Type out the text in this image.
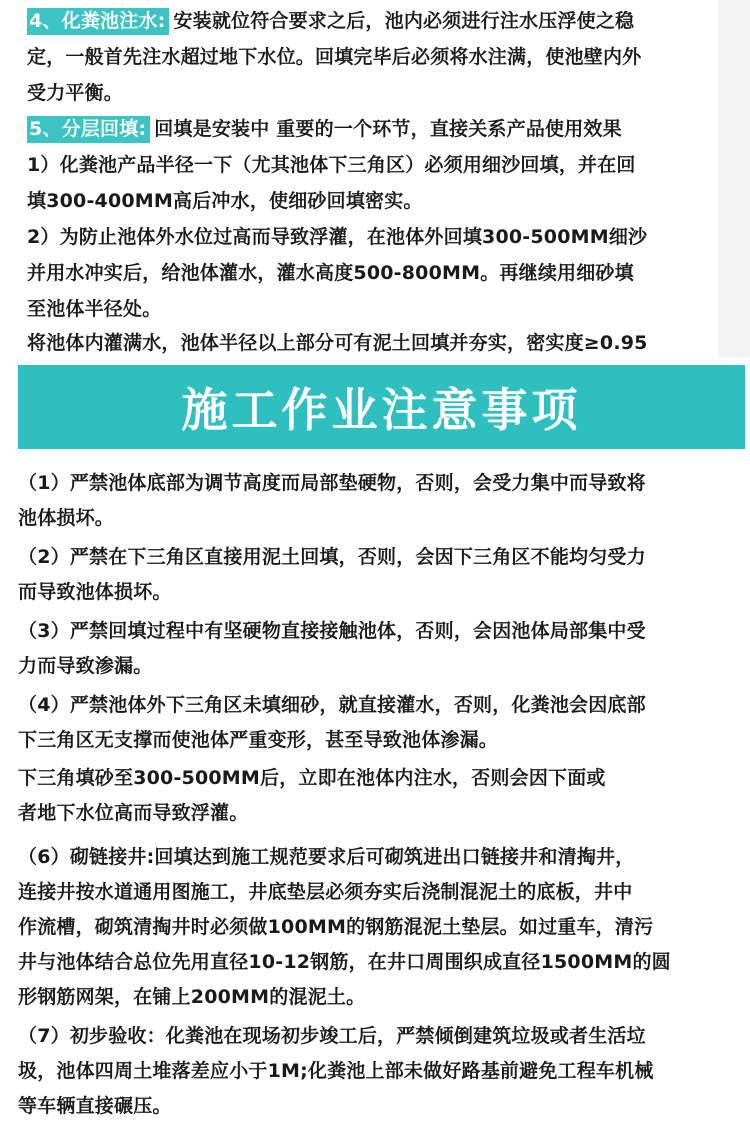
4、化粪池注水: 安装就位符合要求之后，池内必须进行注水压浮使之稳
定，一般首先注水超过地下水位。回填完毕后必须将水注满，使池壁内外
受力平衡。
5、分层回填: 回填是安装中 重要的一个环节，直接关系产品使用效果
1）化粪池产品半径一下（尤其池体下三角区）必须用细沙回填，并在回
填300-400MM高后冲水，使细砂回填密实。
2）为防止池体外水位过高而导致浮灌，在池体外回填300-500MM细沙
并用水冲实后，给池体灌水，灌水高度500-800MM。再继续用细砂填
至池体半径处。
将池体内灌满水，池体半径以上部分可有泥土回填并夯实，密实度≥0.95
施工作业注意事项
（1）严禁池体底部为调节高度而局部垫硬物，否则，会受力集中而导致将
池体损坏。
（2）严禁在下三角区直接用泥土回填，否则，会因下三角区不能均匀受力
而导致池体损坏。
（3）严禁回填过程中有坚硬物直接接触池体，否则，会因池体局部集中受
力而导致渗漏。
（4）严禁池体外下三角区未填细砂，就直接灌水，否则，化粪池会因底部
下三角区无支撑而使池体严重变形，甚至导致池体渗漏。
下三角填砂至300-500MM后，立即在池体内注水，否则会因下面或
者地下水位高而导致浮灌。
（6）砌链接井:回填达到施工规范要求后可砌筑进出口链接井和清掏井，
连接井按水道通用图施工，井底垫层必须夯实后浇制混泥土的底板，井中
作流槽，砌筑清掏井时必须做100MM的钢筋混泥土垫层。如过重车，清污
井与池体结合总位先用直径10-12钢筋，在井口周围织成直径1500MM的圆
形钢筋网架，在铺上200MM的混泥土。
（7）初步验收：化粪池在现场初步竣工后，严禁倾倒建筑垃圾或者生活垃
圾，池体四周土堆落差应小于1M;化粪池上部未做好路基前避免工程车机械
等车辆直接碾压。
